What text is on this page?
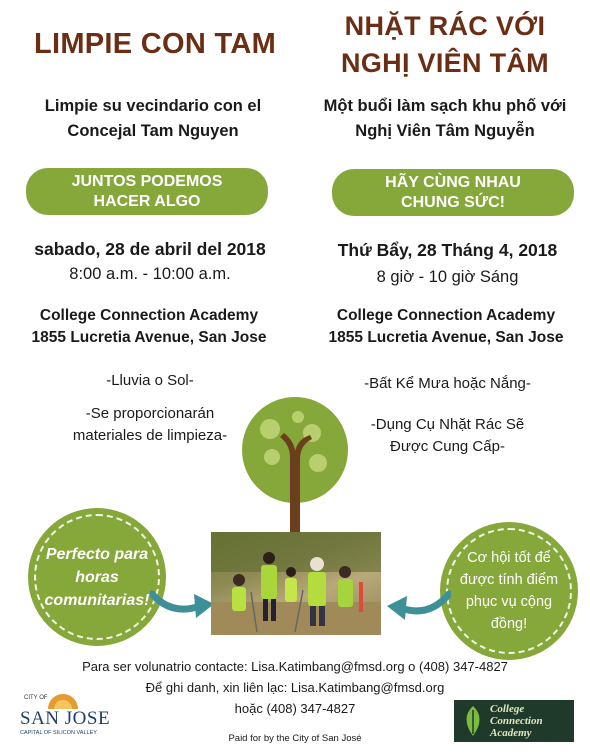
LIMPIE CON TAM
Limpie su vecindario con el
Concejal Tam Nguyen
JUNTOS PODEMOS
HACER ALGO
sabado, 28 de abril del 2018
8:00 a.m. - 10:00 a.m.
College Connection Academy
1855 Lucretia Avenue, San Jose
-Lluvia o Sol-
-Se proporcionarán
materiales de limpieza-
NHẶT RÁC VỚI
NGHỊ VIÊN TÂM
Một buổi làm sạch khu phố với
Nghị Viên Tâm Nguyễn
HÃY CÙNG NHAU
CHUNG SỨC!
Thứ Bẩy, 28 Tháng 4, 2018
8 giờ - 10 giờ Sáng
College Connection Academy
1855 Lucretia Avenue, San Jose
-Bất Kể Mưa hoặc Nắng-
-Dụng Cụ Nhặt Rác Sẽ
Được Cung Cấp-
Perfecto para
horas
comunitarias!
Cơ hội tốt để
được tính điểm
phục vụ cộng
đồng!
Para ser volunatrio contacte: Lisa.Katimbang@fmsd.org o (408) 347-4827
Để ghi danh, xin liên lạc: Lisa.Katimbang@fmsd.org
hoặc (408) 347-4827
Paid for by the City of San José
CITY OF
SAN JOSE
CAPITAL OF SILICON VALLEY
College
Connection
Academy
